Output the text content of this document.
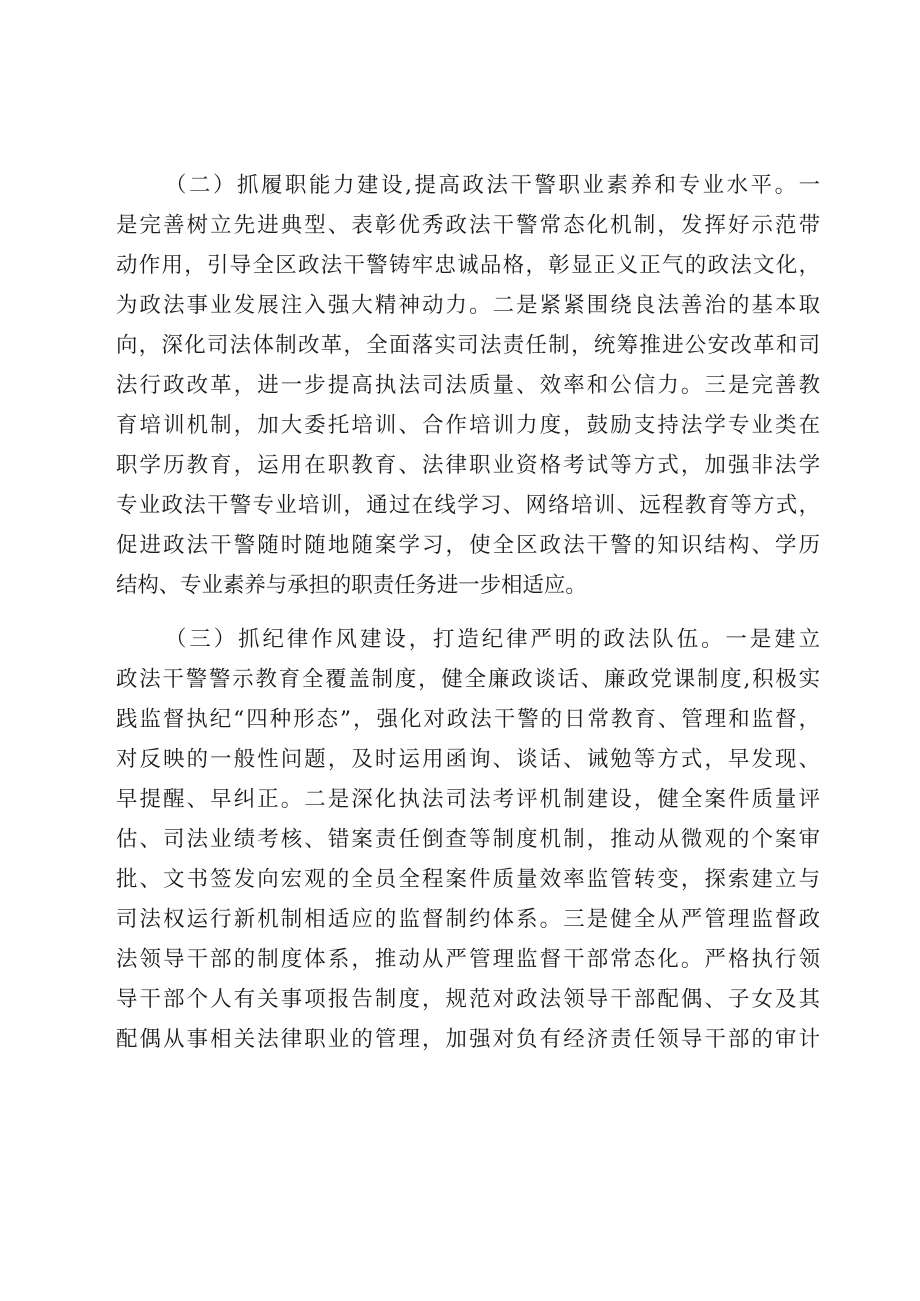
（二）抓履职能力建设,提高政法干警职业素养和专业水平。一
是完善树立先进典型、表彰优秀政法干警常态化机制，发挥好示范带
动作用，引导全区政法干警铸牢忠诚品格，彰显正义正气的政法文化，
为政法事业发展注入强大精神动力。二是紧紧围绕良法善治的基本取
向，深化司法体制改革，全面落实司法责任制，统筹推进公安改革和司
法行政改革，进一步提高执法司法质量、效率和公信力。三是完善教
育培训机制，加大委托培训、合作培训力度，鼓励支持法学专业类在
职学历教育，运用在职教育、法律职业资格考试等方式，加强非法学
专业政法干警专业培训，通过在线学习、网络培训、远程教育等方式，
促进政法干警随时随地随案学习，使全区政法干警的知识结构、学历
结构、专业素养与承担的职责任务进一步相适应。
（三）抓纪律作风建设，打造纪律严明的政法队伍。一是建立
政法干警警示教育全覆盖制度，健全廉政谈话、廉政党课制度,积极实
践监督执纪“四种形态”，强化对政法干警的日常教育、管理和监督，
对反映的一般性问题，及时运用函询、谈话、诫勉等方式，早发现、
早提醒、早纠正。二是深化执法司法考评机制建设，健全案件质量评
估、司法业绩考核、错案责任倒查等制度机制，推动从微观的个案审
批、文书签发向宏观的全员全程案件质量效率监管转变，探索建立与
司法权运行新机制相适应的监督制约体系。三是健全从严管理监督政
法领导干部的制度体系，推动从严管理监督干部常态化。严格执行领
导干部个人有关事项报告制度，规范对政法领导干部配偶、子女及其
配偶从事相关法律职业的管理，加强对负有经济责任领导干部的审计
